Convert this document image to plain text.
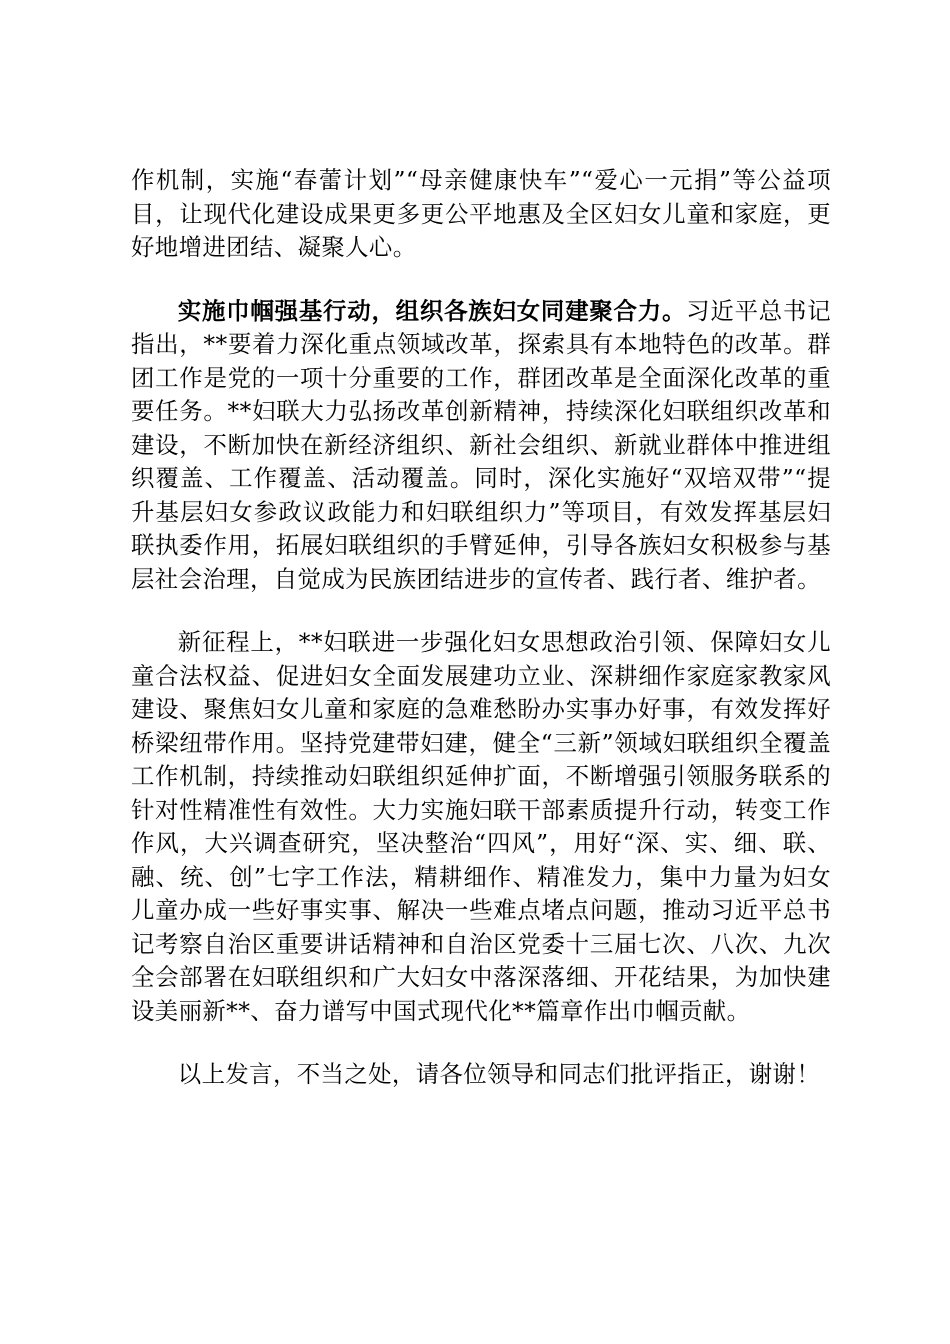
作机制，实施“春蕾计划”“母亲健康快车”“爱心一元捐”等公益项目，让现代化建设成果更多更公平地惠及全区妇女儿童和家庭，更好地增进团结、凝聚人心。

实施巾帼强基行动，组织各族妇女同建聚合力。习近平总书记指出，**要着力深化重点领域改革，探索具有本地特色的改革。群团工作是党的一项十分重要的工作，群团改革是全面深化改革的重要任务。**妇联大力弘扬改革创新精神，持续深化妇联组织改革和建设，不断加快在新经济组织、新社会组织、新就业群体中推进组织覆盖、工作覆盖、活动覆盖。同时，深化实施好“双培双带”“提升基层妇女参政议政能力和妇联组织力”等项目，有效发挥基层妇联执委作用，拓展妇联组织的手臂延伸，引导各族妇女积极参与基层社会治理，自觉成为民族团结进步的宣传者、践行者、维护者。

新征程上，**妇联进一步强化妇女思想政治引领、保障妇女儿童合法权益、促进妇女全面发展建功立业、深耕细作家庭家教家风建设、聚焦妇女儿童和家庭的急难愁盼办实事办好事，有效发挥好桥梁纽带作用。坚持党建带妇建，健全“三新”领域妇联组织全覆盖工作机制，持续推动妇联组织延伸扩面，不断增强引领服务联系的针对性精准性有效性。大力实施妇联干部素质提升行动，转变工作作风，大兴调查研究，坚决整治“四风”，用好“深、实、细、联、融、统、创”七字工作法，精耕细作、精准发力，集中力量为妇女儿童办成一些好事实事、解决一些难点堵点问题，推动习近平总书记考察自治区重要讲话精神和自治区党委十三届七次、八次、九次全会部署在妇联组织和广大妇女中落深落细、开花结果，为加快建设美丽新**、奋力谱写中国式现代化**篇章作出巾帼贡献。

以上发言，不当之处，请各位领导和同志们批评指正，谢谢！
